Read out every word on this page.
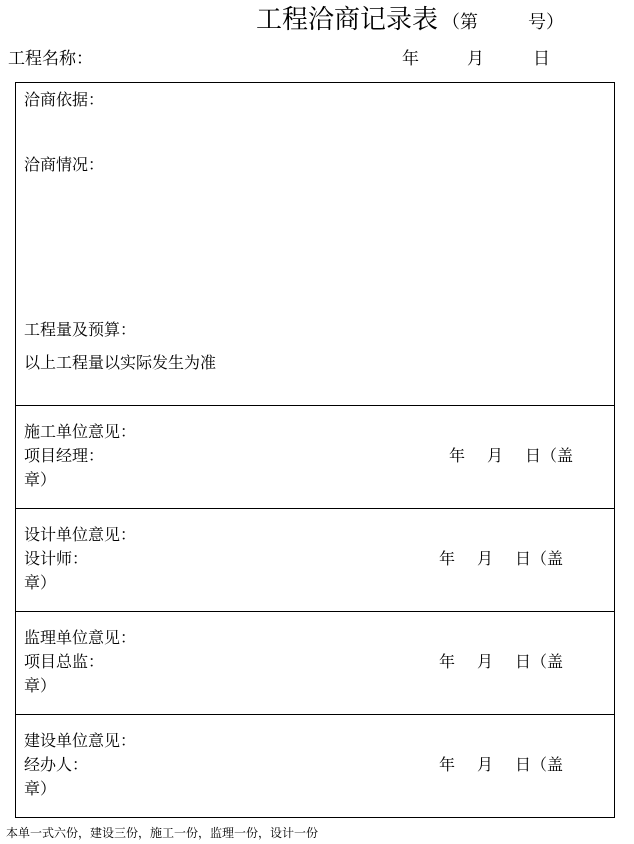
工程洽商记录表 （第	号）
工程名称：	年	月	日
洽商依据：
洽商情况：
工程量及预算：
以上工程量以实际发生为准
施工单位意见：
项目经理：	年 月 日（盖
章）
设计单位意见：
设计师：	年 月 日（盖
章）
监理单位意见：
项目总监：	年 月 日（盖
章）
建设单位意见：
经办人：	年 月 日（盖
章）
本单一式六份，建设三份，施工一份，监理一份，设计一份
